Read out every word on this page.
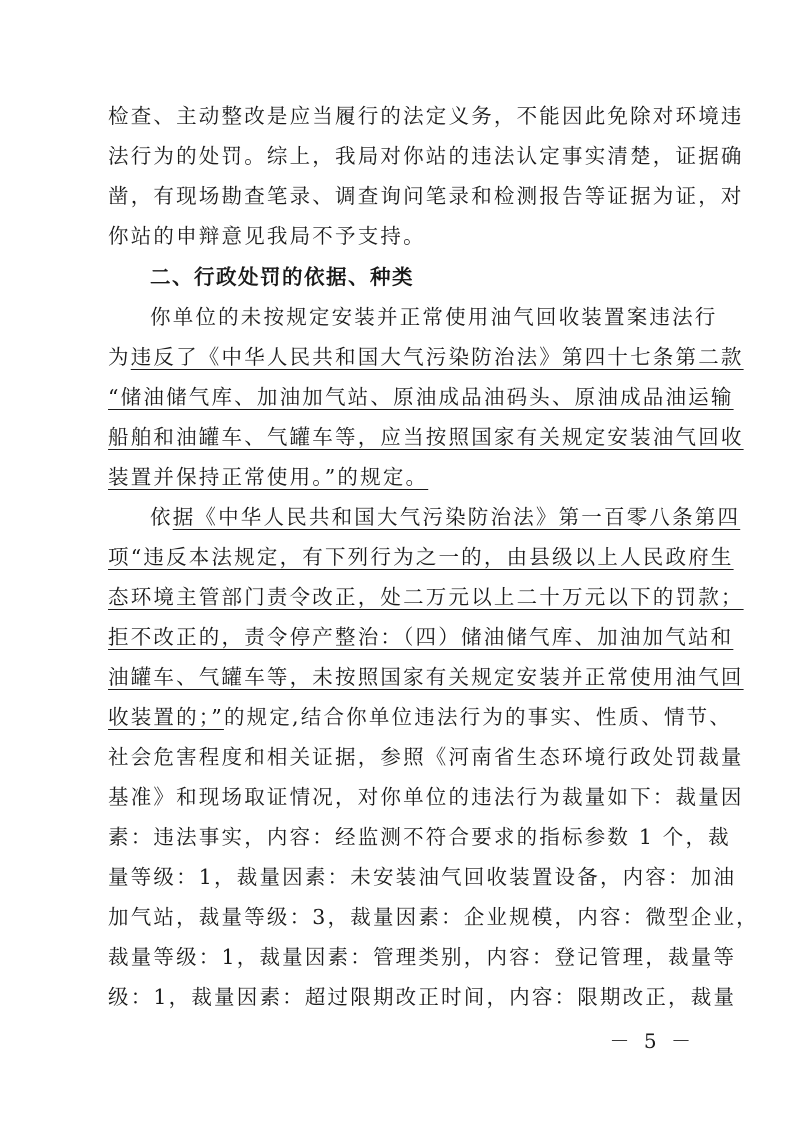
检查、主动整改是应当履行的法定义务，不能因此免除对环境违
法行为的处罚。综上，我局对你站的违法认定事实清楚，证据确
凿，有现场勘查笔录、调查询问笔录和检测报告等证据为证，对
你站的申辩意见我局不予支持。
二、行政处罚的依据、种类
你单位的未按规定安装并正常使用油气回收装置案违法行
为违反了《中华人民共和国大气污染防治法》第四十七条第二款
“储油储气库、加油加气站、原油成品油码头、原油成品油运输
船舶和油罐车、气罐车等，应当按照国家有关规定安装油气回收
装置并保持正常使用。”的规定。
依据《中华人民共和国大气污染防治法》第一百零八条第四
项“违反本法规定，有下列行为之一的，由县级以上人民政府生
态环境主管部门责令改正，处二万元以上二十万元以下的罚款；
拒不改正的，责令停产整治：（四）储油储气库、加油加气站和
油罐车、气罐车等，未按照国家有关规定安装并正常使用油气回
收装置的；”的规定,结合你单位违法行为的事实、性质、情节、
社会危害程度和相关证据，参照《河南省生态环境行政处罚裁量
基准》和现场取证情况，对你单位的违法行为裁量如下：裁量因
素：违法事实，内容：经监测不符合要求的指标参数 1 个，裁
量等级：1，裁量因素：未安装油气回收装置设备，内容：加油
加气站，裁量等级：3，裁量因素：企业规模，内容：微型企业，
裁量等级：1，裁量因素：管理类别，内容：登记管理，裁量等
级：1，裁量因素：超过限期改正时间，内容：限期改正，裁量
－ 5 －
